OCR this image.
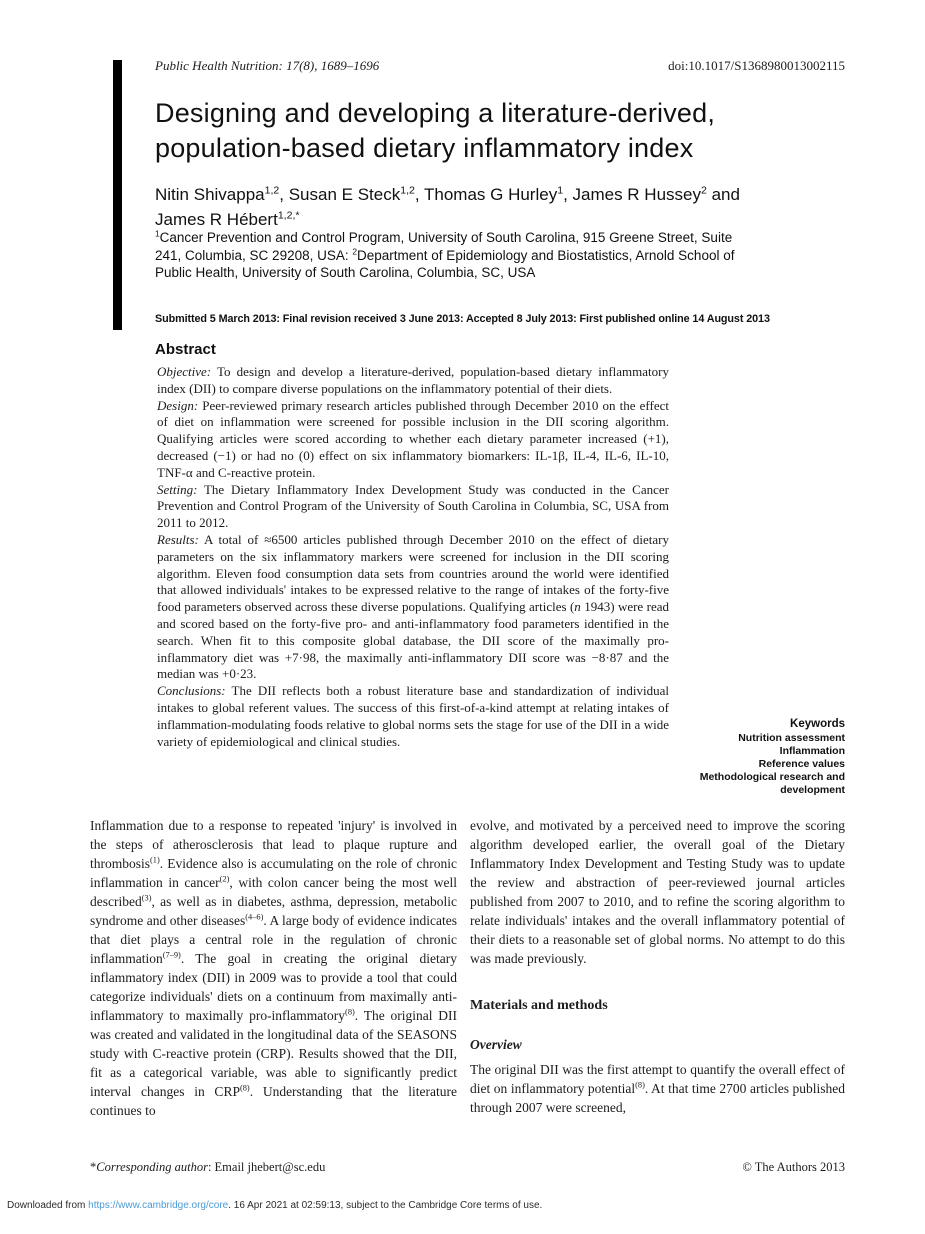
Public Health Nutrition: 17(8), 1689–1696	doi:10.1017/S1368980013002115
Designing and developing a literature-derived, population-based dietary inflammatory index
Nitin Shivappa$^{1,2}$, Susan E Steck$^{1,2}$, Thomas G Hurley$^1$, James R Hussey$^2$ and
James R Hébert$^{1,2,*}$
$^1$Cancer Prevention and Control Program, University of South Carolina, 915 Greene Street, Suite 241, Columbia, SC 29208, USA: $^2$Department of Epidemiology and Biostatistics, Arnold School of Public Health, University of South Carolina, Columbia, SC, USA
Submitted 5 March 2013: Final revision received 3 June 2013: Accepted 8 July 2013: First published online 14 August 2013
Abstract

Objective: To design and develop a literature-derived, population-based dietary inflammatory index (DII) to compare diverse populations on the inflammatory potential of their diets.

Design: Peer-reviewed primary research articles published through December 2010 on the effect of diet on inflammation were screened for possible inclusion in the DII scoring algorithm. Qualifying articles were scored according to whether each dietary parameter increased (+1), decreased (−1) or had no (0) effect on six inflammatory biomarkers: IL-1β, IL-4, IL-6, IL-10, TNF-α and C-reactive protein.

Setting: The Dietary Inflammatory Index Development Study was conducted in the Cancer Prevention and Control Program of the University of South Carolina in Columbia, SC, USA from 2011 to 2012.

Results: A total of ≈6500 articles published through December 2010 on the effect of dietary parameters on the six inflammatory markers were screened for inclusion in the DII scoring algorithm. Eleven food consumption data sets from countries around the world were identified that allowed individuals' intakes to be expressed relative to the range of intakes of the forty-five food parameters observed across these diverse populations. Qualifying articles (n 1943) were read and scored based on the forty-five pro- and anti-inflammatory food parameters identified in the search. When fit to this composite global database, the DII score of the maximally pro-inflammatory diet was +7·98, the maximally anti-inflammatory DII score was −8·87 and the median was +0·23.

Conclusions: The DII reflects both a robust literature base and standardization of individual intakes to global referent values. The success of this first-of-a-kind attempt at relating intakes of inflammation-modulating foods relative to global norms sets the stage for use of the DII in a wide variety of epidemiological and clinical studies.

Keywords
Nutrition assessment
Inflammation
Reference values
Methodological research and development

Inflammation due to a response to repeated 'injury' is involved in the steps of atherosclerosis that lead to plaque rupture and thrombosis$^{(1)}$. Evidence also is accumulating on the role of chronic inflammation in cancer$^{(2)}$, with colon cancer being the most well described$^{(3)}$, as well as in diabetes, asthma, depression, metabolic syndrome and other diseases$^{(4-6)}$. A large body of evidence indicates that diet plays a central role in the regulation of chronic inflammation$^{(7-9)}$. The goal in creating the original dietary inflammatory index (DII) in 2009 was to provide a tool that could categorize individuals' diets on a continuum from maximally anti-inflammatory to maximally pro-inflammatory$^{(8)}$. The original DII was created and validated in the longitudinal data of the SEASONS study with C-reactive protein (CRP). Results showed that the DII, fit as a categorical variable, was able to significantly predict interval changes in CRP$^{(8)}$. Understanding that the literature continues to

evolve, and motivated by a perceived need to improve the scoring algorithm developed earlier, the overall goal of the Dietary Inflammatory Index Development and Testing Study was to update the review and abstraction of peer-reviewed journal articles published from 2007 to 2010, and to refine the scoring algorithm to relate individuals' intakes and the overall inflammatory potential of their diets to a reasonable set of global norms. No attempt to do this was made previously.

Materials and methods
Overview

The original DII was the first attempt to quantify the overall effect of diet on inflammatory potential$^{(8)}$. At that time 2700 articles published through 2007 were screened,

*Corresponding author: Email jhebert@sc.edu	© The Authors 2013
Downloaded from https://www.cambridge.org/core. 16 Apr 2021 at 02:59:13, subject to the Cambridge Core terms of use.
